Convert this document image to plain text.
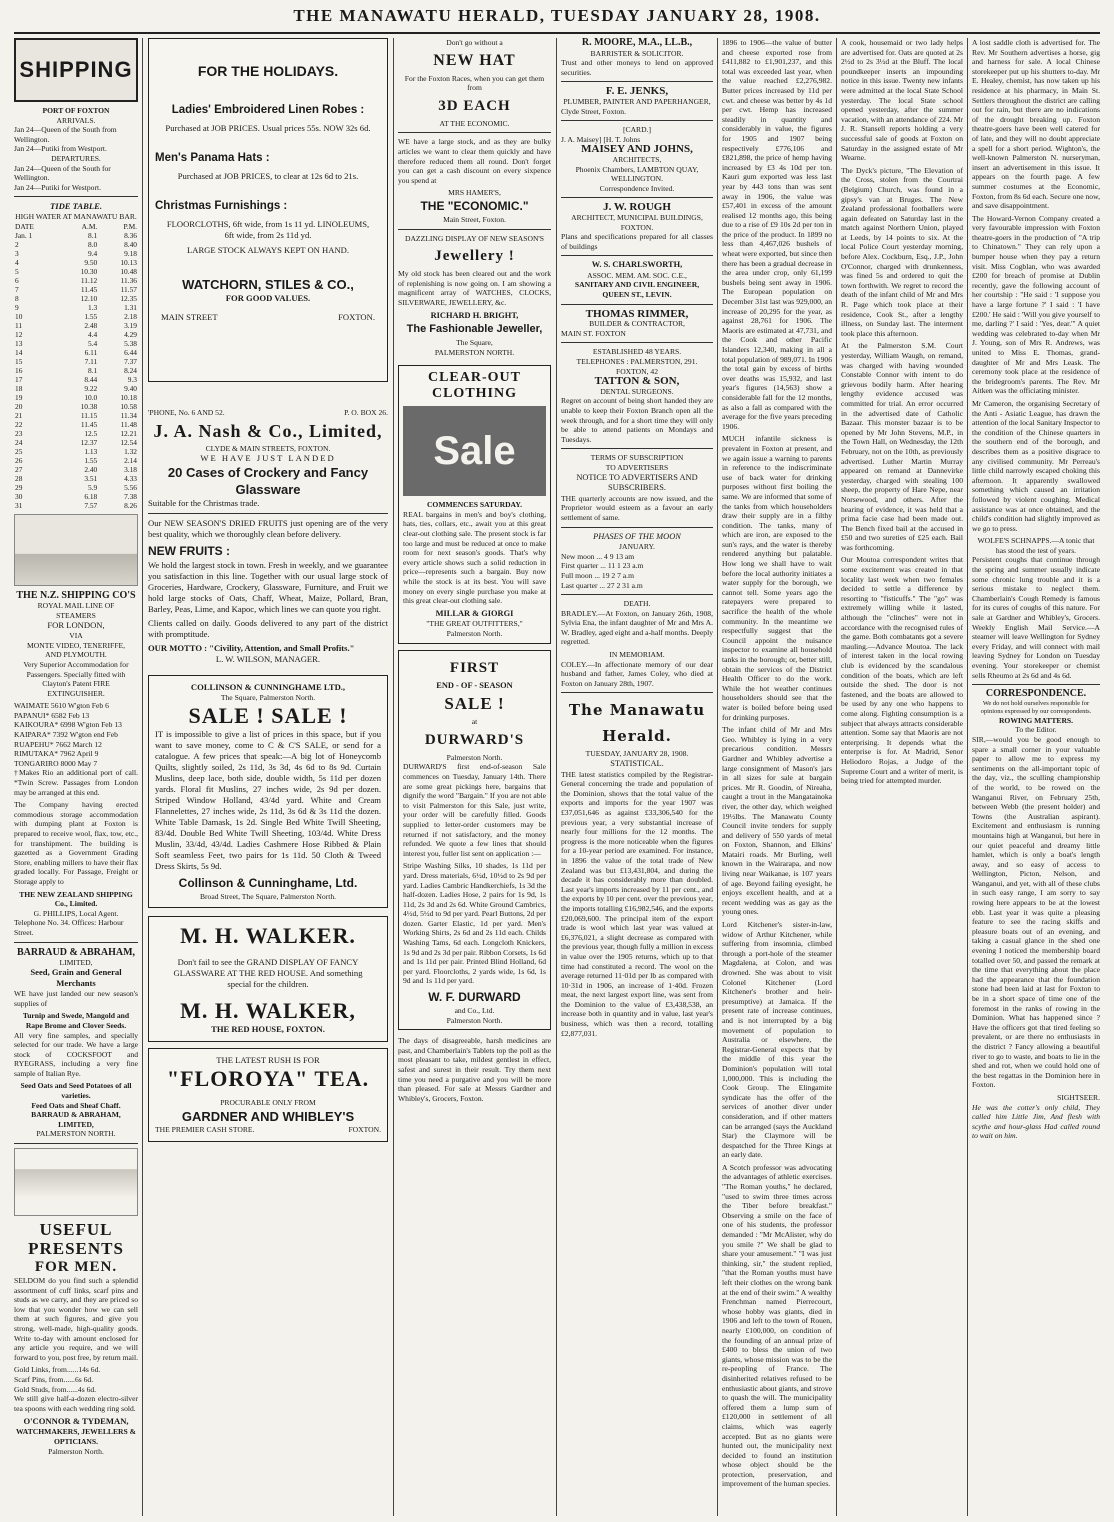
THE MANAWATU HERALD, TUESDAY JANUARY 28, 1908.
SHIPPING
PORT OF FOXTON
ARRIVALS.
Jan 24—Queen of the South from Wellington.
Jan 24—Putiki from Westport.
DEPARTURES.
Jan 24—Queen of the South for Wellington.
Jan 24—Putiki for Westport.
TIDE TABLE.
HIGH WATER AT MANAWATU BAR.
DATE	A.M.	P.M.
Jan. 1	8.1	8.36
2	8.0	8.40
3	9.4	9.18
4	9.50	10.13
5	10.30	10.48
6	11.12	11.36
7	11.45	11.57
8	12.10	12.35
9	1.3	1.31
10	1.55	2.18
11	2.48	3.19
12	4.4	4.29
13	5.4	5.38
14	6.11	6.44
15	7.11	7.37
16	8.1	8.24
17	8.44	9.3
18	9.22	9.40
19	10.0	10.18
20	10.38	10.58
21	11.15	11.34
22	11.45	11.48
23	12.5	12.21
24	12.37	12.54
25	1.13	1.32
26	1.55	2.14
27	2.40	3.18
28	3.51	4.33
29	5.9	5.56
30	6.18	7.38
31	7.57	8.26
THE N.Z. SHIPPING CO'S
ROYAL MAIL LINE OF
STEAMERS
FOR LONDON,
VIA
MONTE VIDEO, TENERIFFE,
AND PLYMOUTH.

Very Superior Accommodation for Passengers. Specially fitted with Clayton's Patent FIRE EXTINGUISHER.

WAIMATE 5610 W'gton Feb 6
PAPANUI* 6582 Feb 13
KAIKOURA* 6998 W'gton Feb 13
KAIPARA* 7392 W'gton end Feb
RUAPEHU* 7662 March 12
RIMUTAKA* 7962 April 9
TONGARIRO 8000 May 7

†Makes Rio an additional port of call. *Twin Screw. Passages from London may be arranged at this end.

The Company having erected commodious storage accommodation with dumping plant at Foxton is prepared to receive wool, flax, tow, etc., for transhipment. The building is gazetted as a Government Grading Store, enabling millers to have their flax graded locally. For Passage, Freight or Storage apply to

THE NEW ZEALAND SHIPPING Co., Limited.
G. PHILLIPS, Local Agent.
Telephone No. 34. Offices: Harbour Street.
BARRAUD & ABRAHAM,
LIMITED,
Seed, Grain and General Merchants

WE have just landed our new season's supplies of

Turnip and Swede, Mangold and Rape Brome and Clover Seeds.

All very fine samples, and specially selected for our trade. We have a large stock of COCKSFOOT and RYEGRASS, including a very fine sample of Italian Rye.

Seed Oats and Seed Potatoes of all varieties.
Feed Oats and Sheaf Chaff.
BARRAUD & ABRAHAM, LIMITED,
PALMERSTON NORTH.
USEFUL
PRESENTS
FOR MEN.

SELDOM do you find such a splendid assortment of cuff links, scarf pins and studs as we carry, and they are priced so low that you wonder how we can sell them at such figures, and give you strong, well-made, high-quality goods. Write to-day with amount enclosed for any article you require, and we will forward to you, post free, by return mail.

Gold Links, from......14s 6d.
Scarf Pins, from......6s 6d.
Gold Studs, from......4s 6d.

We still give half-a-dozen electro-silver tea spoons with each wedding ring sold.

O'CONNOR & TYDEMAN,
WATCHMAKERS, JEWELLERS & OPTICIANS.
Palmerston North.
FOR THE HOLIDAYS.
Ladies' Embroidered Linen Robes :

Purchased at JOB PRICES. Usual prices 55s. NOW 32s 6d.

Men's Panama Hats :

Purchased at JOB PRICES, to clear at 12s 6d to 21s.

Christmas Furnishings :

FLOORCLOTHS, 6ft wide, from 1s 11 yd. LINOLEUMS, 6ft wide, from 2s 11d yd.

LARGE STOCK ALWAYS KEPT ON HAND.
WATCHORN, STILES & CO.,
FOR GOOD VALUES.
MAIN STREET	FOXTON.
'PHONE, No. 6 AND 52.	P. O. BOX 26.
J. A. Nash & Co., Limited,
CLYDE & MAIN STREETS, FOXTON.
WE HAVE JUST LANDED
20 Cases of Crockery and Fancy Glassware
Suitable for the Christmas trade.

Our NEW SEASON'S DRIED FRUITS just opening are of the very best quality, which we thoroughly clean before delivery.

NEW FRUITS :

We hold the largest stock in town. Fresh in weekly, and we guarantee you satisfaction in this line. Together with our usual large stock of Groceries, Hardware, Crockery, Glassware, Furniture, and Fruit we hold large stocks of Oats, Chaff, Wheat, Maize, Pollard, Bran, Barley, Peas, Lime, and Kapoc, which lines we can quote you right.

Clients called on daily. Goods delivered to any part of the district with promptitude.

OUR MOTTO : "Civility, Attention, and Small Profits."
L. W. WILSON, MANAGER.
COLLINSON & CUNNINGHAME LTD.,
The Square, Palmerston North.
SALE ! SALE !

IT is impossible to give a list of prices in this space, but if you want to save money, come to C & C'S SALE, or send for a catalogue. A few prices that speak:—A big lot of Honeycomb Quilts, slightly soiled, 2s 11d, 3s 3d, 4s 6d to 8s 9d. Curtain Muslins, deep lace, both side, double width, 5s 11d per dozen yards. Floral fit Muslins, 27 inches wide, 2s 9d per dozen. Striped Window Holland, 43/4d yard. White and Cream Flannelettes, 27 inches wide, 2s 11d, 3s 6d & 3s 11d the dozen. White Table Damask, 1s 2d. Single Bed White Twill Sheeting, 83/4d. Double Bed White Twill Sheeting, 103/4d. White Dress Muslin, 33/4d, 43/4d. Ladies Cashmere Hose Ribbed & Plain Soft seamless Feet, two pairs for 1s 11d. 50 Cloth & Tweed Dress Skirts, 5s 9d.

Collinson & Cunninghame, Ltd.
Broad Street, The Square, Palmerston North.
M. H. WALKER.

Don't fail to see the GRAND DISPLAY OF FANCY GLASSWARE AT THE RED HOUSE. And something special for the children.

M. H. WALKER,
THE RED HOUSE, FOXTON.
THE LATEST RUSH IS FOR
"FLOROYA" TEA.
PROCURABLE ONLY FROM
GARDNER AND WHIBLEY'S
THE PREMIER CASH STORE.	FOXTON.
Don't go without a
NEW HAT
For the Foxton Races, when you can get them from
3D EACH
AT THE ECONOMIC.

WE have a large stock, and as they are bulky articles we want to clear them quickly and have therefore reduced them all round. Don't forget you can get a cash discount on every sixpence you spend at

MRS HAMER'S,
THE "ECONOMIC."
Main Street, Foxton.
DAZZLING DISPLAY OF NEW SEASON'S
Jewellery !

My old stock has been cleared out and the work of replenishing is now going on. I am showing a magnificent array of WATCHES, CLOCKS, SILVERWARE, JEWELLERY, &c.

RICHARD H. BRIGHT,
The Fashionable Jeweller,
The Square,
PALMERSTON NORTH.
CLEAR-OUT CLOTHING
Sale
COMMENCES SATURDAY.

REAL bargains in men's and boy's clothing, hats, ties, collars, etc., await you at this great clear-out clothing sale. The present stock is far too large and must be reduced at once to make room for next season's goods. That's why every article shows such a solid reduction in price—represents such a bargain. Buy now while the stock is at its best. You will save money on every single purchase you make at this great clear-out clothing sale.

MILLAR & GIORGI
"THE GREAT OUTFITTERS,"
Palmerston North.
FIRST
END - OF - SEASON
SALE !
at
DURWARD'S
Palmerston North.

DURWARD'S first end-of-season Sale commences on Tuesday, January 14th. There are some great pickings here, bargains that dignify the word "Bargain." If you are not able to visit Palmerston for this Sale, just write, your order will be carefully filled. Goods supplied to letter-order customers may be returned if not satisfactory, and the money refunded. We quote a few lines that should interest you, fuller list sent on application :—

Stripe Washing Silks, 10 shades, 1s 11d per yard. Dress materials, 6½d, 10½d to 2s 9d per yard. Ladies Cambric Handkerchiefs, 1s 3d the half-dozen. Ladies Hose, 2 pairs for 1s 9d, 1s 11d, 2s 3d and 2s 6d. White Ground Cambrics, 4½d, 5½d to 9d per yard. Pearl Buttons, 2d per dozen. Garter Elastic, 1d per yard. Men's Working Shirts, 2s 6d and 2s 11d each. Childs Washing Tams, 6d each. Longcloth Knickers, 1s 9d and 2s 3d per pair. Ribbon Corsets, 1s 6d and 1s 11d per pair. Printed Blind Holland, 6d per yard. Floorcloths, 2 yards wide, 1s 6d, 1s 9d and 1s 11d per yard.

W. F. DURWARD
and Co., Ltd.
Palmerston North.

The days of disagreeable, harsh medicines are past, and Chamberlain's Tablets top the poll as the most pleasant to take, mildest gentlest in effect, safest and surest in their result. Try them next time you need a purgative and you will be more than pleased. For sale at Messrs Gardner and Whibley's, Grocers, Foxton.

R. MOORE, M.A., LL.B.,
BARRISTER & SOLICITOR.

Trust and other moneys to lend on approved securities.

F. E. JENKS,
PLUMBER, PAINTER AND PAPERHANGER,
Clyde Street, Foxton.
[CARD.]
J. A. Maisey] [H. T. Johns
MAISEY AND JOHNS,
ARCHITECTS,
Phoenix Chambers, LAMBTON QUAY, WELLINGTON.
Correspondence Invited.
J. W. ROUGH
ARCHITECT, MUNICIPAL BUILDINGS, FOXTON.

Plans and specifications prepared for all classes of buildings

W. S. CHARLSWORTH,
ASSOC. MEM. AM. SOC. C.E.,
SANITARY AND CIVIL ENGINEER, QUEEN ST., LEVIN.
THOMAS RIMMER,
BUILDER & CONTRACTOR,
MAIN ST. FOXTON
ESTABLISHED 48 YEARS.
TELEPHONES : PALMERSTON, 291. FOXTON, 42
TATTON & SON,
DENTAL SURGEONS.

Regret on account of being short handed they are unable to keep their Foxton Branch open all the week through, and for a short time they will only be able to attend patients on Mondays and Tuesdays.

TERMS OF SUBSCRIPTION
TO ADVERTISERS
NOTICE TO ADVERTISERS AND SUBSCRIBERS.

THE quarterly accounts are now issued, and the Proprietor would esteem as a favour an early settlement of same.

PHASES OF THE MOON
JANUARY.
New moon ... 4 9 13 am
First quarter ... 11 1 23 a.m
Full moon ... 19 2 7 a.m
Last quarter ... 27 2 31 a.m
DEATH.

BRADLEY.—At Foxton, on January 26th, 1908, Sylvia Ena, the infant daughter of Mr and Mrs A. W. Bradley, aged eight and a-half months. Deeply regretted.

IN MEMORIAM.

COLEY.—In affectionate memory of our dear husband and father, James Coley, who died at Foxton on January 28th, 1907.

The Manawatu Herald.
TUESDAY, JANUARY 28, 1908.
STATISTICAL.

THE latest statistics compiled by the Registrar-General concerning the trade and population of the Dominion, shows that the total value of the exports and imports for the year 1907 was £37,051,646 as against £33,306,540 for the previous year, a very substantial increase of nearly four millions for the 12 months. The progress is the more noticeable when the figures for a 10-year period are examined. For instance, in 1896 the value of the total trade of New Zealand was but £13,431,804, and during the decade it has considerably more than doubled. Last year's imports increased by 11 per cent., and the exports by 10 per cent. over the previous year, the imports totalling £16,982,546, and the exports £20,069,600. The principal item of the export trade is wool which last year was valued at £6,376,021, a slight decrease as compared with the previous year, though fully a million in excess in value over the 1905 returns, which up to that time had constituted a record. The wool on the average returned 11·01d per lb as compared with 10·31d in 1906, an increase of 1·40d. Frozen meat, the next largest export line, was sent from the Dominion to the value of £3,438,538, an increase both in quantity and in value, last year's business, which was then a record, totalling £2,877,031.

1896 to 1906—the value of butter and cheese exported rose from £411,882 to £1,901,237, and this total was exceeded last year, when the value reached £2,276,982. Butter prices increased by 11d per cwt. and cheese was better by 4s 1d per cwt. Hemp has increased steadily in quantity and considerably in value, the figures for 1905 and 1907 being respectively £776,106 and £821,898, the price of hemp having increased by £3 4s 10d per ton. Kauri gum exported was less last year by 443 tons than was sent away in 1906, the value was £57,401 in excess of the amount realised 12 months ago, this being due to a rise of £9 10s 2d per ton in the price of the product. In 1899 no less than 4,467,026 bushels of wheat were exported, but since then there has been a gradual decrease in the area under crop, only 61,199 bushels being sent away in 1906. The European population on December 31st last was 929,000, an increase of 20,295 for the year, as against 28,761 for 1906. The Maoris are estimated at 47,731, and the Cook and other Pacific Islanders 12,340, making in all a total population of 989,071. In 1906 the total gain by excess of births over deaths was 15,932, and last year's figures (14,563) show a considerable fall for the 12 months, as also a fall as compared with the average for the five years preceding 1906.

MUCH infantile sickness is prevalent in Foxton at present, and we again issue a warning to parents in reference to the indiscriminate use of back water for drinking purposes without first boiling the same. We are informed that some of the tanks from which householders draw their supply are in a filthy condition. The tanks, many of which are iron, are exposed to the sun's rays, and the water is thereby rendered anything but palatable. How long we shall have to wait before the local authority initiates a water supply for the borough, we cannot tell. Some years ago the ratepayers were prepared to sacrifice the health of the whole community. In the meantime we respectfully suggest that the Council appoint the nuisance inspector to examine all household tanks in the borough; or, better still, obtain the services of the District Health Officer to do the work. While the hot weather continues householders should see that the water is boiled before being used for drinking purposes.

The infant child of Mr and Mrs Geo. Whibley is lying in a very precarious condition. Messrs Gardner and Whibley advertise a large consignment of Mason's jars in all sizes for sale at bargain prices. Mr R. Goodin, of Nireaha, caught a trout in the Mangatainoka river, the other day, which weighed 19½lbs. The Manawatu County Council invite tenders for supply and delivery of 550 yards of metal on Foxton, Shannon, and Elkins' Matairi roads. Mr Burling, well known in the Wairarapa, and now living near Waikanae, is 107 years of age. Beyond failing eyesight, he enjoys excellent health, and at a recent wedding was as gay as the young ones.

Lord Kitchener's sister-in-law, widow of Arthur Kitchener, while suffering from insomnia, climbed through a port-hole of the steamer Magdalena, at Colon, and was drowned. She was about to visit Colonel Kitchener (Lord Kitchener's brother and heir-presumptive) at Jamaica. If the present rate of increase continues, and is not interrupted by a big movement of population to Australia or elsewhere, the Registrar-General expects that by the middle of this year the Dominion's population will total 1,000,000. This is including the Cook Group. The Elingamite syndicate has the offer of the services of another diver under consideration, and if other matters can be arranged (says the Auckland Star) the Claymore will be despatched for the Three Kings at an early date.

A Scotch professor was advocating the advantages of athletic exercises. "The Roman youths," he declared, "used to swim three times across the Tiber before breakfast." Observing a smile on the face of one of his students, the professor demanded : "Mr McAlister, why do you smile ?" We shall be glad to share your amusement." "I was just thinking, sir," the student replied, "that the Roman youths must have left their clothes on the wrong bank at the end of their swim." A wealthy Frenchman named Pierrecourt, whose hobby was giants, died in 1906 and left to the town of Rouen, nearly £100,000, on condition of the founding of an annual prize of £400 to bless the union of two giants, whose mission was to be the re-peopling of France. The disinherited relatives refused to be enthusiastic about giants, and strove to quash the will. The municipality offered them a lump sum of £120,000 in settlement of all claims, which was eagerly accepted. But as no giants were hunted out, the municipality next decided to found an institution whose object should be the protection, preservation, and improvement of the human species.

A cook, housemaid or two lady helps are advertised for. Oats are quoted at 2s 2½d to 2s 3½d at the Bluff. The local poundkeeper inserts an impounding notice in this issue. Twenty new infants were admitted at the local State School yesterday. The local State school opened yesterday, after the summer vacation, with an attendance of 224. Mr J. R. Stansell reports holding a very successful sale of goods at Foxton on Saturday in the assigned estate of Mr Wearne.

The Dyck's picture, "The Elevation of the Cross, stolen from the Courtrai (Belgium) Church, was found in a gipsy's van at Bruges. The New Zealand professional footballers were again defeated on Saturday last in the match against Northern Union, played at Leeds, by 14 points to six. At the local Police Court yesterday morning, before Alex. Cockburn, Esq., J.P., John O'Connor, charged with drunkenness, was fined 5s and ordered to quit the town forthwith. We regret to record the death of the infant child of Mr and Mrs R. Page which took place at their residence, Cook St., after a lengthy illness, on Sunday last. The interment took place this afternoon.

At the Palmerston S.M. Court yesterday, William Waugh, on remand, was charged with having wounded Constable Connor with intent to do grievous bodily harm. After hearing lengthy evidence accused was committed for trial. An error occurred in the advertised date of Catholic Bazaar. This monster bazaar is to be opened by Mr John Stevens, M.P., in the Town Hall, on Wednesday, the 12th February, not on the 10th, as previously advertised. Luther Martin Murray appeared on remand at Dannevirke yesterday, charged with stealing 100 sheep, the property of Hare Nepe, near Norsewood, and others. After the hearing of evidence, it was held that a prima facie case had been made out. The Bench fixed bail at the accused in £50 and two sureties of £25 each. Bail was forthcoming.

Our Moutoa correspondent writes that some excitement was created in that locality last week when two females decided to settle a difference by resorting to "fisticuffs." The "go" was extremely willing while it lasted, although the "clinches" were not in accordance with the recognised rules of the game. Both combatants got a severe mauling.—Advance Moutoa. The lack of interest taken in the local rowing club is evidenced by the scandalous condition of the boats, which are left outside the shed. The door is not fastened, and the boats are allowed to be used by any one who happens to come along. Fighting consumption is a subject that always attracts considerable attention. Some say that Maoris are not enterprising. It depends what the enterprise is for. At Madrid, Senor Heliodoro Rojas, a Judge of the Supreme Court and a writer of merit, is being tried for attempted murder.

A lost saddle cloth is advertised for. The Rev. Mr Southern advertises a horse, gig and harness for sale. A local Chinese storekeeper put up his shutters to-day. Mr E. Healey, chemist, has now taken up his residence at his pharmacy, in Main St. Settlers throughout the district are calling out for rain, but there are no indications of the drought breaking up. Foxton theatre-goers have been well catered for of late, and they will no doubt appreciate a spell for a short period. Wighton's, the well-known Palmerston N. nurseryman, insert an advertisement in this issue. It appears on the fourth page. A few summer costumes at the Economic, Foxton, from 8s 6d each. Secure one now, and save disappointment.

The Howard-Vernon Company created a very favourable impression with Foxton theatre-goers in the production of "A trip to Chinatown." They can rely upon a bumper house when they pay a return visit. Miss Cogblan, who was awarded £200 for breach of promise at Dublin recently, gave the following account of her courtship : "He said : 'I suppose you have a large fortune ?' I said : 'I have £200.' He said : 'Will you give yourself to me, darling ?' I said : 'Yes, dear.'" A quiet wedding was celebrated to-day when Mr J. Young, son of Mrs R. Andrews, was united to Miss E. Thomas, grand-daughter of Mr and Mrs Leask. The ceremony took place at the residence of the bridegroom's parents. The Rev. Mr Aitken was the officiating minister.

Mr Cameron, the organising Secretary of the Anti - Asiatic League, has drawn the attention of the local Sanitary Inspector to the condition of the Chinese quarters in the southern end of the borough, and describes them as a positive disgrace to any civilised community. Mr Perreau's little child narrowly escaped choking this afternoon. It apparently swallowed something which caused an irritation followed by violent coughing. Medical assistance was at once obtained, and the child's condition had slightly improved as we go to press.

WOLFE'S SCHNAPPS.—A tonic that has stood the test of years.

Persistent coughs that continue through the spring and summer usually indicate some chronic lung trouble and it is a serious mistake to neglect them. Chamberlain's Cough Remedy is famous for its cures of coughs of this nature. For sale at Gardner and Whibley's, Grocers. Weekly English Mail Service.—A steamer will leave Wellington for Sydney every Friday, and will connect with mail leaving Sydney for London on Tuesday evening. Your storekeeper or chemist sells Rheumo at 2s 6d and 4s 6d.

CORRESPONDENCE.
We do not hold ourselves responsible for opinions expressed by our correspondents.
ROWING MATTERS.
To the Editor.

SIR,—would you be good enough to spare a small corner in your valuable paper to allow me to express my sentiments on the all-important topic of the day, viz., the sculling championship of the world, to be rowed on the Wanganui River, on February 25th, between Webb (the present holder) and Towns (the Australian aspirant). Excitement and enthusiasm is running mountains high at Wanganui, but here in our quiet peaceful and dreamy little hamlet, which is only a boat's length away, and so easy of access to Wellington, Picton, Nelson, and Wanganui, and yet, with all of these clubs in such easy range, I am sorry to say rowing here appears to be at the lowest ebb. Last year it was quite a pleasing feature to see the racing skiffs and pleasure boats out of an evening, and taking a casual glance in the shed one evening I noticed the membership board totalled over 50, and passed the remark at the time that everything about the place had the appearance that the foundation stone had been laid at last for Foxton to be in a short space of time one of the foremost in the ranks of rowing in the Dominion. What has happened since ? Have the officers got that tired feeling so prevalent, or are there no enthusiasts in the district ? Fancy allowing a beautiful river to go to waste, and boats to lie in the shed and rot, when we could hold one of the best regattas in the Dominion here in Foxton.

SIGHTSEER.

He was the cotter's only child, They called him Little Jim, And flesh with scythe and hour-glass Had called round to wait on him.
